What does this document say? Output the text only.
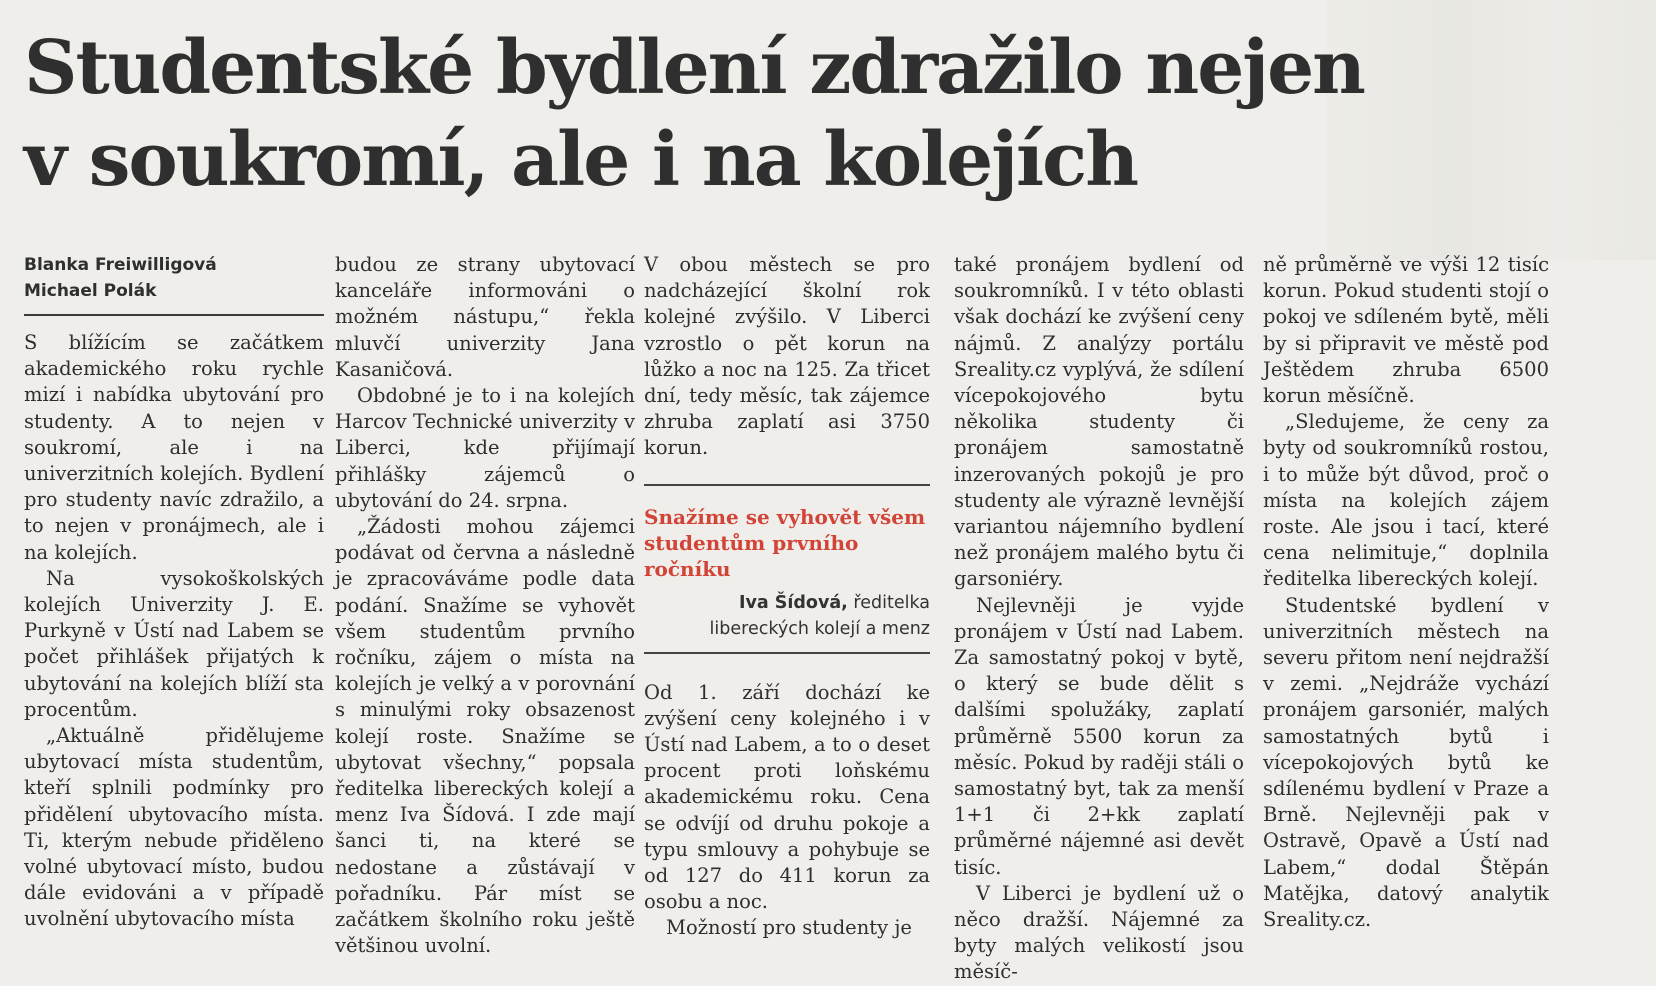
Studentské bydlení zdražilo nejen
v soukromí, ale i na kolejích
Blanka Freiwilligová
Michael Polák

S blížícím se začátkem akademického roku rychle mizí i nabídka ubytování pro studenty. A to nejen v soukromí, ale i na univerzitních kolejích. Bydlení pro studenty navíc zdražilo, a to nejen v pronájmech, ale i na kolejích.

Na vysokoškolských kolejích Univerzity J. E. Purkyně v Ústí nad Labem se počet přihlášek přijatých k ubytování na kolejích blíží sta procentům.

„Aktuálně přidělujeme ubytovací místa studentům, kteří splnili podmínky pro přidělení ubytovacího místa. Ti, kterým nebude přiděleno volné ubytovací místo, budou dále evidováni a v případě uvolnění ubytovacího místa

budou ze strany ubytovací kanceláře informováni o možném nástupu,“ řekla mluvčí univerzity Jana Kasaničová.

Obdobné je to i na kolejích Harcov Technické univerzity v Liberci, kde přijímají přihlášky zájemců o ubytování do 24. srpna.

„Žádosti mohou zájemci podávat od června a následně je zpracováváme podle data podání. Snažíme se vyhovět všem studentům prvního ročníku, zájem o místa na kolejích je velký a v porovnání s minulými roky obsazenost kolejí roste. Snažíme se ubytovat všechny,“ popsala ředitelka libereckých kolejí a menz Iva Šídová. I zde mají šanci ti, na které se nedostane a zůstávají v pořadníku. Pár míst se začátkem školního roku ještě většinou uvolní.

V obou městech se pro nadcházející školní rok kolejné zvýšilo. V Liberci vzrostlo o pět korun na lůžko a noc na 125. Za třicet dní, tedy měsíc, tak zájemce zhruba zaplatí asi 3750 korun.

Snažíme se vyhovět všem studentům prvního ročníku
Iva Šídová, ředitelka libereckých kolejí a menz

Od 1. září dochází ke zvýšení ceny kolejného i v Ústí nad Labem, a to o deset procent proti loňskému akademickému roku. Cena se odvíjí od druhu pokoje a typu smlouvy a pohybuje se od 127 do 411 korun za osobu a noc.

Možností pro studenty je

také pronájem bydlení od soukromníků. I v této oblasti však dochází ke zvýšení ceny nájmů. Z analýzy portálu Sreality.cz vyplývá, že sdílení vícepokojového bytu několika studenty či pronájem samostatně inzerovaných pokojů je pro studenty ale výrazně levnější variantou nájemního bydlení než pronájem malého bytu či garsoniéry.

Nejlevněji je vyjde pronájem v Ústí nad Labem. Za samostatný pokoj v bytě, o který se bude dělit s dalšími spolužáky, zaplatí průměrně 5500 korun za měsíc. Pokud by raději stáli o samostatný byt, tak za menší 1+1 či 2+kk zaplatí průměrné nájemné asi devět tisíc.

V Liberci je bydlení už o něco dražší. Nájemné za byty malých velikostí jsou měsíč-

ně průměrně ve výši 12 tisíc korun. Pokud studenti stojí o pokoj ve sdíleném bytě, měli by si připravit ve městě pod Ještědem zhruba 6500 korun měsíčně.

„Sledujeme, že ceny za byty od soukromníků rostou, i to může být důvod, proč o místa na kolejích zájem roste. Ale jsou i tací, které cena nelimituje,“ doplnila ředitelka libereckých kolejí.

Studentské bydlení v univerzitních městech na severu přitom není nejdražší v zemi. „Nejdráže vychází pronájem garsoniér, malých samostatných bytů i vícepokojových bytů ke sdílenému bydlení v Praze a Brně. Nejlevněji pak v Ostravě, Opavě a Ústí nad Labem,“ dodal Štěpán Matějka, datový analytik Sreality.cz.
